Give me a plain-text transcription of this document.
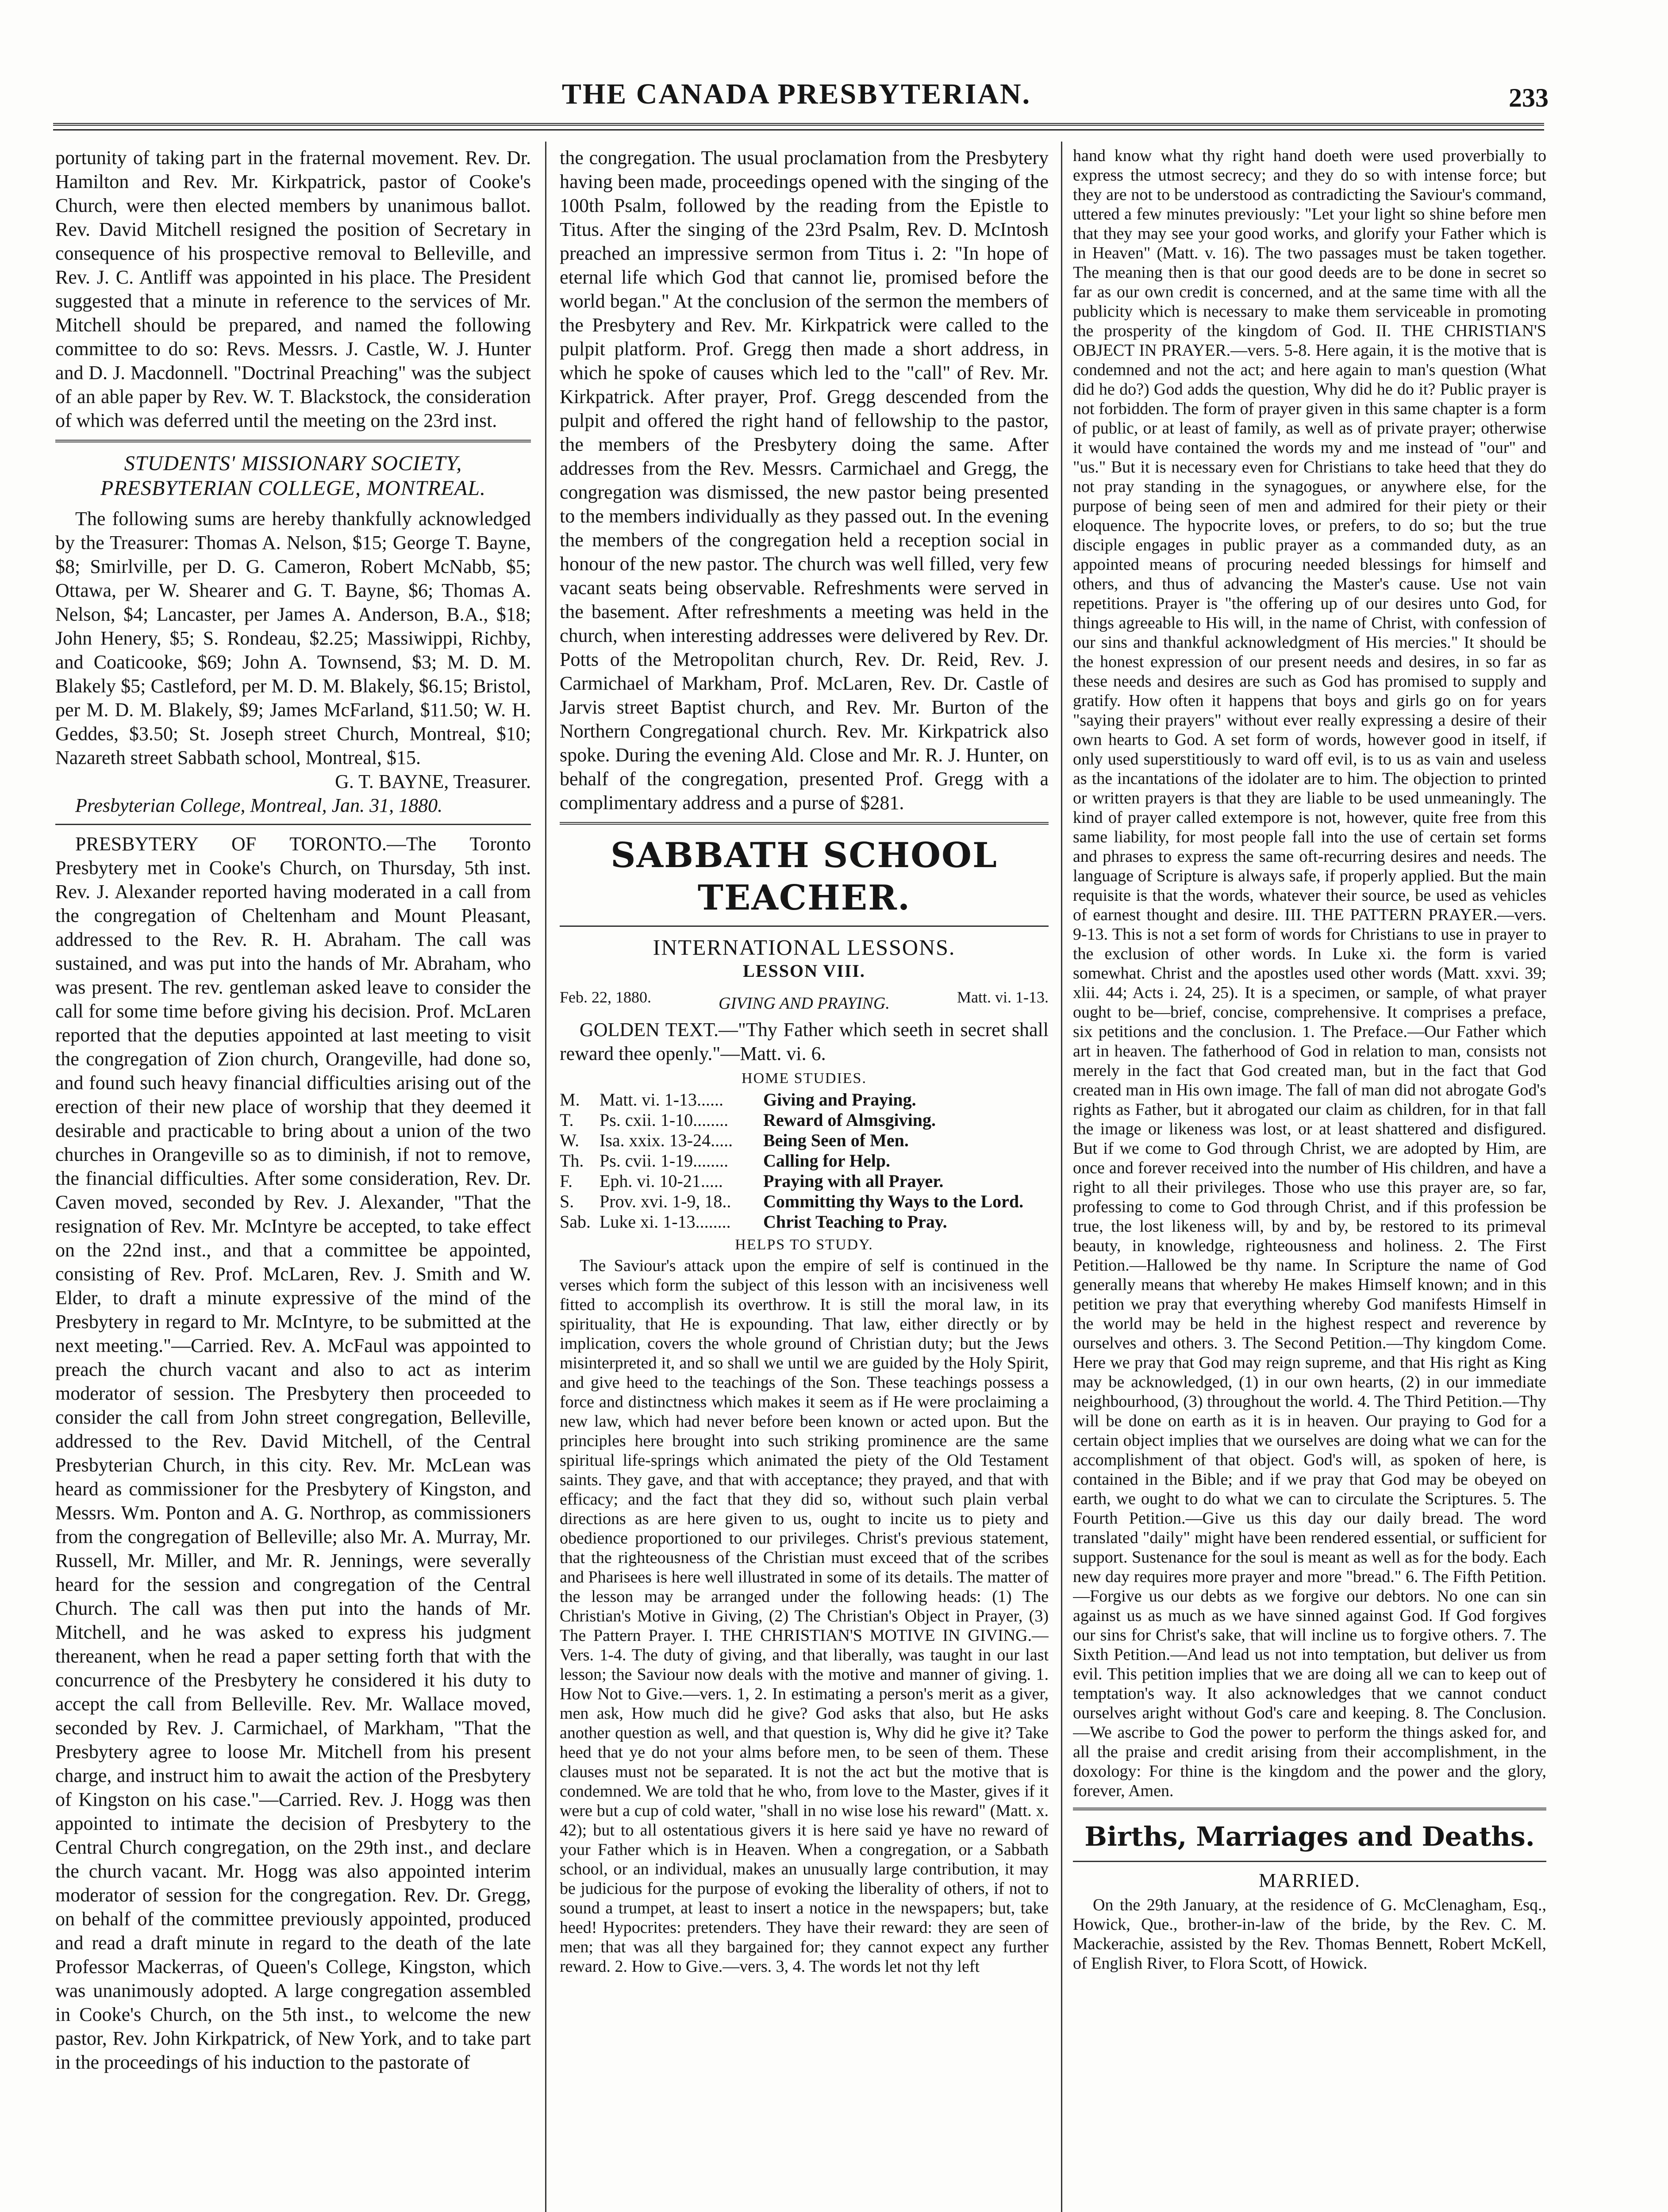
THE CANADA PRESBYTERIAN.	233

portunity of taking part in the fraternal movement. Rev. Dr. Hamilton and Rev. Mr. Kirkpatrick, pastor of Cooke's Church, were then elected members by unanimous ballot. Rev. David Mitchell resigned the position of Secretary in consequence of his prospective removal to Belleville, and Rev. J. C. Antliff was appointed in his place. The President suggested that a minute in reference to the services of Mr. Mitchell should be prepared, and named the following committee to do so: Revs. Messrs. J. Castle, W. J. Hunter and D. J. Macdonnell. "Doctrinal Preaching" was the subject of an able paper by Rev. W. T. Blackstock, the consideration of which was deferred until the meeting on the 23rd inst.

STUDENTS' MISSIONARY SOCIETY, PRESBYTERIAN COLLEGE, MONTREAL.

The following sums are hereby thankfully acknowledged by the Treasurer: Thomas A. Nelson, $15; George T. Bayne, $8; Smirlville, per D. G. Cameron, Robert McNabb, $5; Ottawa, per W. Shearer and G. T. Bayne, $6; Thomas A. Nelson, $4; Lancaster, per James A. Anderson, B.A., $18; John Henery, $5; S. Rondeau, $2.25; Massiwippi, Richby, and Coaticooke, $69; John A. Townsend, $3; M. D. M. Blakely $5; Castleford, per M. D. M. Blakely, $6.15; Bristol, per M. D. M. Blakely, $9; James McFarland, $11.50; W. H. Geddes, $3.50; St. Joseph street Church, Montreal, $10; Nazareth street Sabbath school, Montreal, $15.

G. T. BAYNE, Treasurer.

Presbyterian College, Montreal, Jan. 31, 1880.

PRESBYTERY OF TORONTO.—The Toronto Presbytery met in Cooke's Church, on Thursday, 5th inst. Rev. J. Alexander reported having moderated in a call from the congregation of Cheltenham and Mount Pleasant, addressed to the Rev. R. H. Abraham. The call was sustained, and was put into the hands of Mr. Abraham, who was present. The rev. gentleman asked leave to consider the call for some time before giving his decision. Prof. McLaren reported that the deputies appointed at last meeting to visit the congregation of Zion church, Orangeville, had done so, and found such heavy financial difficulties arising out of the erection of their new place of worship that they deemed it desirable and practicable to bring about a union of the two churches in Orangeville so as to diminish, if not to remove, the financial difficulties. After some consideration, Rev. Dr. Caven moved, seconded by Rev. J. Alexander, "That the resignation of Rev. Mr. McIntyre be accepted, to take effect on the 22nd inst., and that a committee be appointed, consisting of Rev. Prof. McLaren, Rev. J. Smith and W. Elder, to draft a minute expressive of the mind of the Presbytery in regard to Mr. McIntyre, to be submitted at the next meeting."—Carried. Rev. A. McFaul was appointed to preach the church vacant and also to act as interim moderator of session. The Presbytery then proceeded to consider the call from John street congregation, Belleville, addressed to the Rev. David Mitchell, of the Central Presbyterian Church, in this city. Rev. Mr. McLean was heard as commissioner for the Presbytery of Kingston, and Messrs. Wm. Ponton and A. G. Northrop, as commissioners from the congregation of Belleville; also Mr. A. Murray, Mr. Russell, Mr. Miller, and Mr. R. Jennings, were severally heard for the session and congregation of the Central Church. The call was then put into the hands of Mr. Mitchell, and he was asked to express his judgment thereanent, when he read a paper setting forth that with the concurrence of the Presbytery he considered it his duty to accept the call from Belleville. Rev. Mr. Wallace moved, seconded by Rev. J. Carmichael, of Markham, "That the Presbytery agree to loose Mr. Mitchell from his present charge, and instruct him to await the action of the Presbytery of Kingston on his case."—Carried. Rev. J. Hogg was then appointed to intimate the decision of Presbytery to the Central Church congregation, on the 29th inst., and declare the church vacant. Mr. Hogg was also appointed interim moderator of session for the congregation. Rev. Dr. Gregg, on behalf of the committee previously appointed, produced and read a draft minute in regard to the death of the late Professor Mackerras, of Queen's College, Kingston, which was unanimously adopted. A large congregation assembled in Cooke's Church, on the 5th inst., to welcome the new pastor, Rev. John Kirkpatrick, of New York, and to take part in the proceedings of his induction to the pastorate of

the congregation. The usual proclamation from the Presbytery having been made, proceedings opened with the singing of the 100th Psalm, followed by the reading from the Epistle to Titus. After the singing of the 23rd Psalm, Rev. D. McIntosh preached an impressive sermon from Titus i. 2: "In hope of eternal life which God that cannot lie, promised before the world began." At the conclusion of the sermon the members of the Presbytery and Rev. Mr. Kirkpatrick were called to the pulpit platform. Prof. Gregg then made a short address, in which he spoke of causes which led to the "call" of Rev. Mr. Kirkpatrick. After prayer, Prof. Gregg descended from the pulpit and offered the right hand of fellowship to the pastor, the members of the Presbytery doing the same. After addresses from the Rev. Messrs. Carmichael and Gregg, the congregation was dismissed, the new pastor being presented to the members individually as they passed out. In the evening the members of the congregation held a reception social in honour of the new pastor. The church was well filled, very few vacant seats being observable. Refreshments were served in the basement. After refreshments a meeting was held in the church, when interesting addresses were delivered by Rev. Dr. Potts of the Metropolitan church, Rev. Dr. Reid, Rev. J. Carmichael of Markham, Prof. McLaren, Rev. Dr. Castle of Jarvis street Baptist church, and Rev. Mr. Burton of the Northern Congregational church. Rev. Mr. Kirkpatrick also spoke. During the evening Ald. Close and Mr. R. J. Hunter, on behalf of the congregation, presented Prof. Gregg with a complimentary address and a purse of $281.

SABBATH SCHOOL TEACHER.
INTERNATIONAL LESSONS.
LESSON VIII.
Feb. 22, 1880.	GIVING AND PRAYING.	Matt. vi. 1-13.

GOLDEN TEXT.—"Thy Father which seeth in secret shall reward thee openly."—Matt. vi. 6.

HOME STUDIES.
M.	Matt. vi. 1-13......	Giving and Praying.
T.	Ps. cxii. 1-10........	Reward of Almsgiving.
W.	Isa. xxix. 13-24.....	Being Seen of Men.
Th.	Ps. cvii. 1-19........	Calling for Help.
F.	Eph. vi. 10-21.....	Praying with all Prayer.
S.	Prov. xvi. 1-9, 18..	Committing thy Ways to the Lord.
Sab.	Luke xi. 1-13........	Christ Teaching to Pray.
HELPS TO STUDY.

The Saviour's attack upon the empire of self is continued in the verses which form the subject of this lesson with an incisiveness well fitted to accomplish its overthrow. It is still the moral law, in its spirituality, that He is expounding. That law, either directly or by implication, covers the whole ground of Christian duty; but the Jews misinterpreted it, and so shall we until we are guided by the Holy Spirit, and give heed to the teachings of the Son. These teachings possess a force and distinctness which makes it seem as if He were proclaiming a new law, which had never before been known or acted upon. But the principles here brought into such striking prominence are the same spiritual life-springs which animated the piety of the Old Testament saints. They gave, and that with acceptance; they prayed, and that with efficacy; and the fact that they did so, without such plain verbal directions as are here given to us, ought to incite us to piety and obedience proportioned to our privileges. Christ's previous statement, that the righteousness of the Christian must exceed that of the scribes and Pharisees is here well illustrated in some of its details. The matter of the lesson may be arranged under the following heads: (1) The Christian's Motive in Giving, (2) The Christian's Object in Prayer, (3) The Pattern Prayer. I. THE CHRISTIAN'S MOTIVE IN GIVING.—Vers. 1-4. The duty of giving, and that liberally, was taught in our last lesson; the Saviour now deals with the motive and manner of giving. 1. How Not to Give.—vers. 1, 2. In estimating a person's merit as a giver, men ask, How much did he give? God asks that also, but He asks another question as well, and that question is, Why did he give it? Take heed that ye do not your alms before men, to be seen of them. These clauses must not be separated. It is not the act but the motive that is condemned. We are told that he who, from love to the Master, gives if it were but a cup of cold water, "shall in no wise lose his reward" (Matt. x. 42); but to all ostentatious givers it is here said ye have no reward of your Father which is in Heaven. When a congregation, or a Sabbath school, or an individual, makes an unusually large contribution, it may be judicious for the purpose of evoking the liberality of others, if not to sound a trumpet, at least to insert a notice in the newspapers; but, take heed! Hypocrites: pretenders. They have their reward: they are seen of men; that was all they bargained for; they cannot expect any further reward. 2. How to Give.—vers. 3, 4. The words let not thy left

hand know what thy right hand doeth were used proverbially to express the utmost secrecy; and they do so with intense force; but they are not to be understood as contradicting the Saviour's command, uttered a few minutes previously: "Let your light so shine before men that they may see your good works, and glorify your Father which is in Heaven" (Matt. v. 16). The two passages must be taken together. The meaning then is that our good deeds are to be done in secret so far as our own credit is concerned, and at the same time with all the publicity which is necessary to make them serviceable in promoting the prosperity of the kingdom of God. II. THE CHRISTIAN'S OBJECT IN PRAYER.—vers. 5-8. Here again, it is the motive that is condemned and not the act; and here again to man's question (What did he do?) God adds the question, Why did he do it? Public prayer is not forbidden. The form of prayer given in this same chapter is a form of public, or at least of family, as well as of private prayer; otherwise it would have contained the words my and me instead of "our" and "us." But it is necessary even for Christians to take heed that they do not pray standing in the synagogues, or anywhere else, for the purpose of being seen of men and admired for their piety or their eloquence. The hypocrite loves, or prefers, to do so; but the true disciple engages in public prayer as a commanded duty, as an appointed means of procuring needed blessings for himself and others, and thus of advancing the Master's cause. Use not vain repetitions. Prayer is "the offering up of our desires unto God, for things agreeable to His will, in the name of Christ, with confession of our sins and thankful acknowledgment of His mercies." It should be the honest expression of our present needs and desires, in so far as these needs and desires are such as God has promised to supply and gratify. How often it happens that boys and girls go on for years "saying their prayers" without ever really expressing a desire of their own hearts to God. A set form of words, however good in itself, if only used superstitiously to ward off evil, is to us as vain and useless as the incantations of the idolater are to him. The objection to printed or written prayers is that they are liable to be used unmeaningly. The kind of prayer called extempore is not, however, quite free from this same liability, for most people fall into the use of certain set forms and phrases to express the same oft-recurring desires and needs. The language of Scripture is always safe, if properly applied. But the main requisite is that the words, whatever their source, be used as vehicles of earnest thought and desire. III. THE PATTERN PRAYER.—vers. 9-13. This is not a set form of words for Christians to use in prayer to the exclusion of other words. In Luke xi. the form is varied somewhat. Christ and the apostles used other words (Matt. xxvi. 39; xlii. 44; Acts i. 24, 25). It is a specimen, or sample, of what prayer ought to be—brief, concise, comprehensive. It comprises a preface, six petitions and the conclusion. 1. The Preface.—Our Father which art in heaven. The fatherhood of God in relation to man, consists not merely in the fact that God created man, but in the fact that God created man in His own image. The fall of man did not abrogate God's rights as Father, but it abrogated our claim as children, for in that fall the image or likeness was lost, or at least shattered and disfigured. But if we come to God through Christ, we are adopted by Him, are once and forever received into the number of His children, and have a right to all their privileges. Those who use this prayer are, so far, professing to come to God through Christ, and if this profession be true, the lost likeness will, by and by, be restored to its primeval beauty, in knowledge, righteousness and holiness. 2. The First Petition.—Hallowed be thy name. In Scripture the name of God generally means that whereby He makes Himself known; and in this petition we pray that everything whereby God manifests Himself in the world may be held in the highest respect and reverence by ourselves and others. 3. The Second Petition.—Thy kingdom Come. Here we pray that God may reign supreme, and that His right as King may be acknowledged, (1) in our own hearts, (2) in our immediate neighbourhood, (3) throughout the world. 4. The Third Petition.—Thy will be done on earth as it is in heaven. Our praying to God for a certain object implies that we ourselves are doing what we can for the accomplishment of that object. God's will, as spoken of here, is contained in the Bible; and if we pray that God may be obeyed on earth, we ought to do what we can to circulate the Scriptures. 5. The Fourth Petition.—Give us this day our daily bread. The word translated "daily" might have been rendered essential, or sufficient for support. Sustenance for the soul is meant as well as for the body. Each new day requires more prayer and more "bread." 6. The Fifth Petition.—Forgive us our debts as we forgive our debtors. No one can sin against us as much as we have sinned against God. If God forgives our sins for Christ's sake, that will incline us to forgive others. 7. The Sixth Petition.—And lead us not into temptation, but deliver us from evil. This petition implies that we are doing all we can to keep out of temptation's way. It also acknowledges that we cannot conduct ourselves aright without God's care and keeping. 8. The Conclusion.—We ascribe to God the power to perform the things asked for, and all the praise and credit arising from their accomplishment, in the doxology: For thine is the kingdom and the power and the glory, forever, Amen.

Births, Marriages and Deaths.
MARRIED.

On the 29th January, at the residence of G. McClenagham, Esq., Howick, Que., brother-in-law of the bride, by the Rev. C. M. Mackerachie, assisted by the Rev. Thomas Bennett, Robert McKell, of English River, to Flora Scott, of Howick.
